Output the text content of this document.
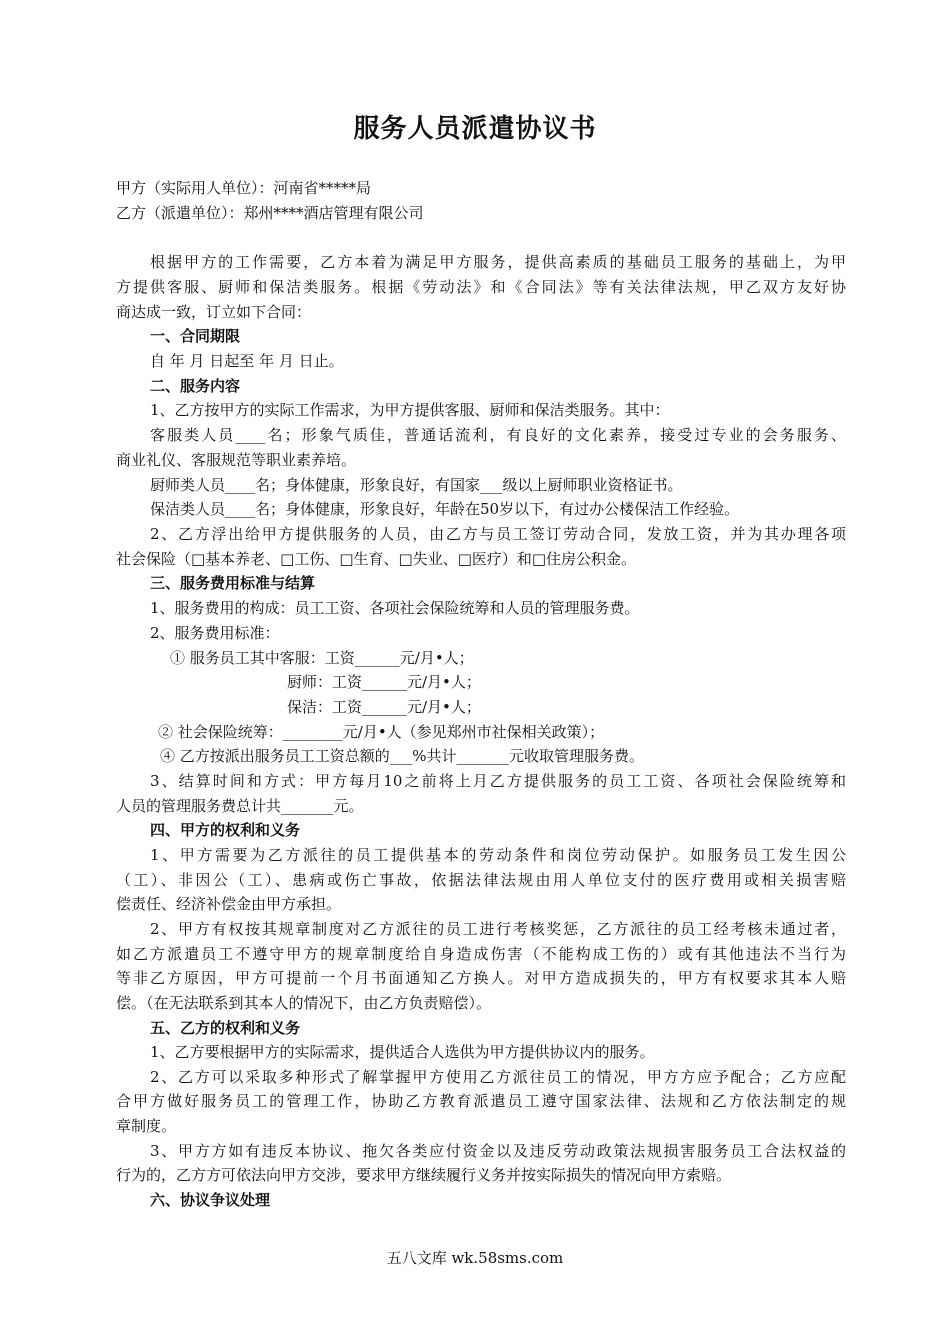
服务人员派遣协议书
甲方（实际用人单位）：河南省*****局
乙方（派遣单位）：郑州****酒店管理有限公司
根据甲方的工作需要，乙方本着为满足甲方服务，提供高素质的基础员工服务的基础上，为甲
方提供客服、厨师和保洁类服务。根据《劳动法》和《合同法》等有关法律法规，甲乙双方友好协
商达成一致，订立如下合同：
一、合同期限
自 年 月 日起至 年 月 日止。
二、服务内容
1、乙方按甲方的实际工作需求，为甲方提供客服、厨师和保洁类服务。其中：
客服类人员____名；形象气质佳，普通话流利，有良好的文化素养，接受过专业的会务服务、
商业礼仪、客服规范等职业素养培。
厨师类人员____名；身体健康，形象良好，有国家___级以上厨师职业资格证书。
保洁类人员____名；身体健康，形象良好，年龄在50岁以下，有过办公楼保洁工作经验。
2、乙方浮出给甲方提供服务的人员，由乙方与员工签订劳动合同，发放工资，并为其办理各项
社会保险（□基本养老、□工伤、□生育、□失业、□医疗）和□住房公积金。
三、服务费用标准与结算
1、服务费用的构成：员工工资、各项社会保险统筹和人员的管理服务费。
2、服务费用标准：
① 服务员工其中客服：工资______元/月•人；
厨师：工资______元/月•人；
保洁：工资______元/月•人；
② 社会保险统筹：________元/月•人（参见郑州市社保相关政策）；
④ 乙方按派出服务员工工资总额的___%共计_______元收取管理服务费。
3、结算时间和方式：甲方每月10之前将上月乙方提供服务的员工工资、各项社会保险统筹和
人员的管理服务费总计共_______元。
四、甲方的权利和义务
1、甲方需要为乙方派往的员工提供基本的劳动条件和岗位劳动保护。如服务员工发生因公
（工）、非因公（工）、患病或伤亡事故，依据法律法规由用人单位支付的医疗费用或相关损害赔
偿责任、经济补偿金由甲方承担。
2、甲方有权按其规章制度对乙方派往的员工进行考核奖惩，乙方派往的员工经考核未通过者，
如乙方派遣员工不遵守甲方的规章制度给自身造成伤害（不能构成工伤的）或有其他违法不当行为
等非乙方原因，甲方可提前一个月书面通知乙方换人。对甲方造成损失的，甲方有权要求其本人赔
偿。（在无法联系到其本人的情况下，由乙方负责赔偿）。
五、乙方的权利和义务
1、乙方要根据甲方的实际需求，提供适合人选供为甲方提供协议内的服务。
2、乙方可以采取多种形式了解掌握甲方使用乙方派往员工的情况，甲方方应予配合；乙方应配
合甲方做好服务员工的管理工作，协助乙方教育派遣员工遵守国家法律、法规和乙方依法制定的规
章制度。
3、甲方方如有违反本协议、拖欠各类应付资金以及违反劳动政策法规损害服务员工合法权益的
行为的，乙方方可依法向甲方交涉，要求甲方继续履行义务并按实际损失的情况向甲方索赔。
六、协议争议处理
五八文库 wk.58sms.com
